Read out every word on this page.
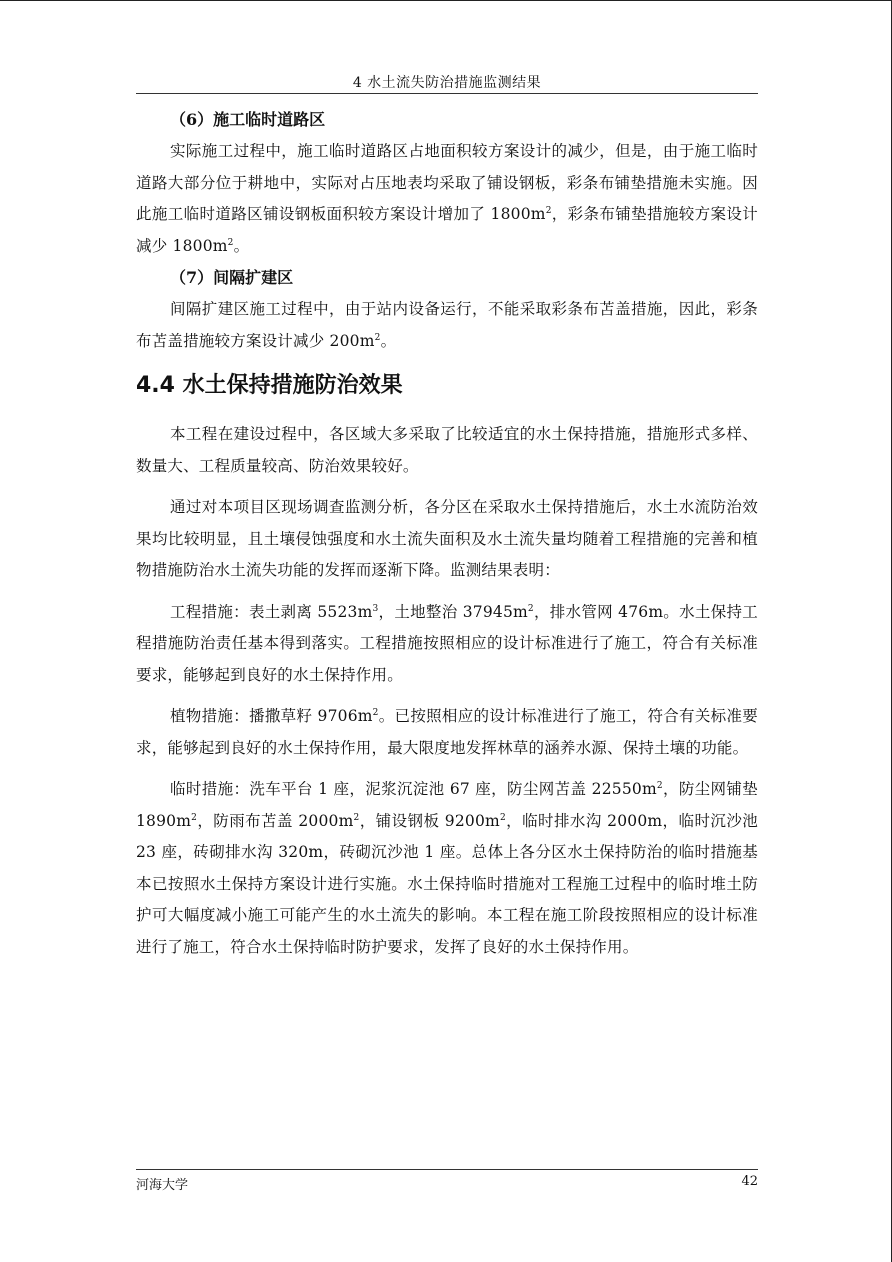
4 水土流失防治措施监测结果

（6）施工临时道路区

实际施工过程中，施工临时道路区占地面积较方案设计的减少，但是，由于施工临时道路大部分位于耕地中，实际对占压地表均采取了铺设钢板，彩条布铺垫措施未实施。因此施工临时道路区铺设钢板面积较方案设计增加了 $1800m^2$，彩条布铺垫措施较方案设计减少 $1800m^2$。

（7）间隔扩建区

间隔扩建区施工过程中，由于站内设备运行，不能采取彩条布苫盖措施，因此，彩条布苫盖措施较方案设计减少 $200m^2$。

4.4 水土保持措施防治效果

本工程在建设过程中，各区域大多采取了比较适宜的水土保持措施，措施形式多样、数量大、工程质量较高、防治效果较好。

通过对本项目区现场调查监测分析，各分区在采取水土保持措施后，水土水流防治效果均比较明显，且土壤侵蚀强度和水土流失面积及水土流失量均随着工程措施的完善和植物措施防治水土流失功能的发挥而逐渐下降。监测结果表明：

工程措施：表土剥离 $5523m^3$，土地整治 $37945m^2$，排水管网 476m。水土保持工程措施防治责任基本得到落实。工程措施按照相应的设计标准进行了施工，符合有关标准要求，能够起到良好的水土保持作用。

植物措施：播撒草籽 $9706m^2$。已按照相应的设计标准进行了施工，符合有关标准要求，能够起到良好的水土保持作用，最大限度地发挥林草的涵养水源、保持土壤的功能。

临时措施：洗车平台 1 座，泥浆沉淀池 67 座，防尘网苫盖 $22550m^2$，防尘网铺垫 $1890m^2$，防雨布苫盖 $2000m^2$，铺设钢板 $9200m^2$，临时排水沟 2000m，临时沉沙池 23 座，砖砌排水沟 320m，砖砌沉沙池 1 座。总体上各分区水土保持防治的临时措施基本已按照水土保持方案设计进行实施。水土保持临时措施对工程施工过程中的临时堆土防护可大幅度减小施工可能产生的水土流失的影响。本工程在施工阶段按照相应的设计标准进行了施工，符合水土保持临时防护要求，发挥了良好的水土保持作用。

河海大学	42
